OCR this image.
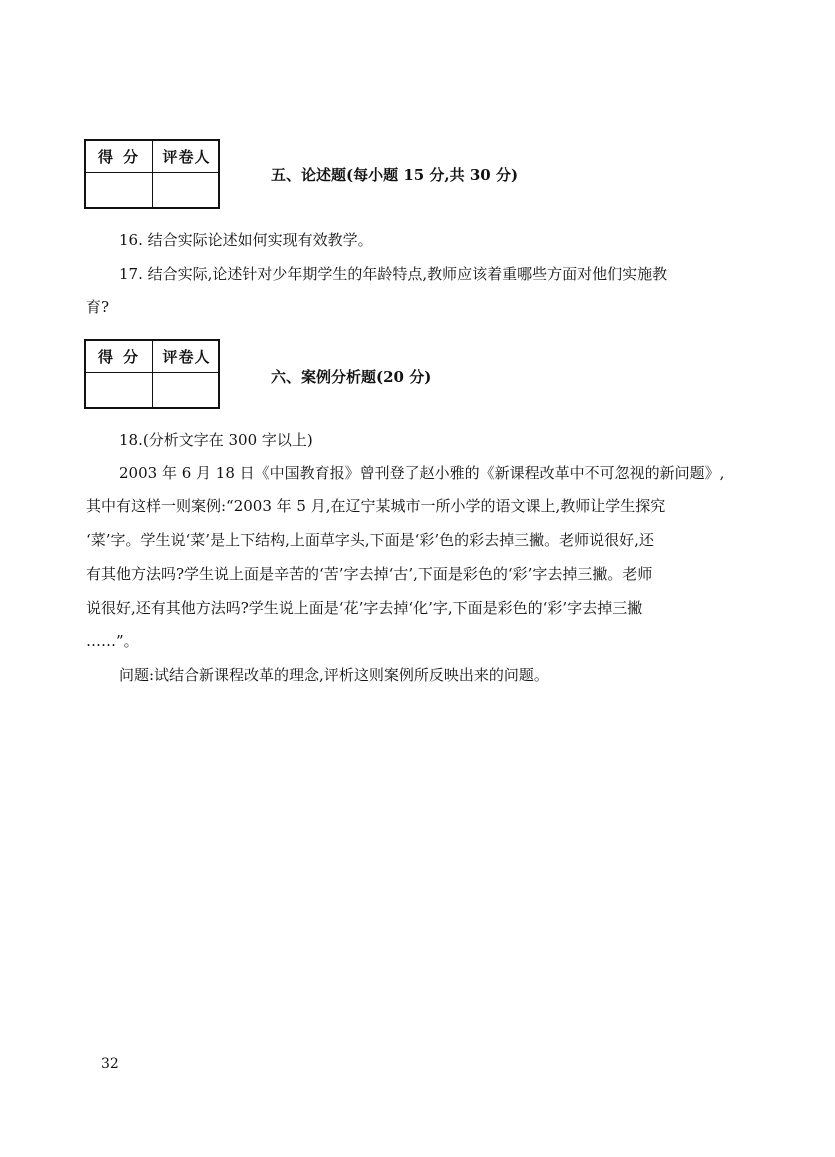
得分 评卷人
五、论述题(每小题 15 分,共 30 分)
16. 结合实际论述如何实现有效教学。
17. 结合实际,论述针对少年期学生的年龄特点,教师应该着重哪些方面对他们实施教
育?
得分 评卷人
六、案例分析题(20 分)
18.(分析文字在 300 字以上)
2003 年 6 月 18 日《中国教育报》曾刊登了赵小雅的《新课程改革中不可忽视的新问题》,
其中有这样一则案例:“2003 年 5 月,在辽宁某城市一所小学的语文课上,教师让学生探究
‘菜’字。学生说‘菜’是上下结构,上面草字头,下面是‘彩’色的彩去掉三撇。老师说很好,还
有其他方法吗?学生说上面是辛苦的‘苦’字去掉‘古’,下面是彩色的‘彩’字去掉三撇。老师
说很好,还有其他方法吗?学生说上面是‘花’字去掉‘化’字,下面是彩色的‘彩’字去掉三撇
……”。
问题:试结合新课程改革的理念,评析这则案例所反映出来的问题。
32
